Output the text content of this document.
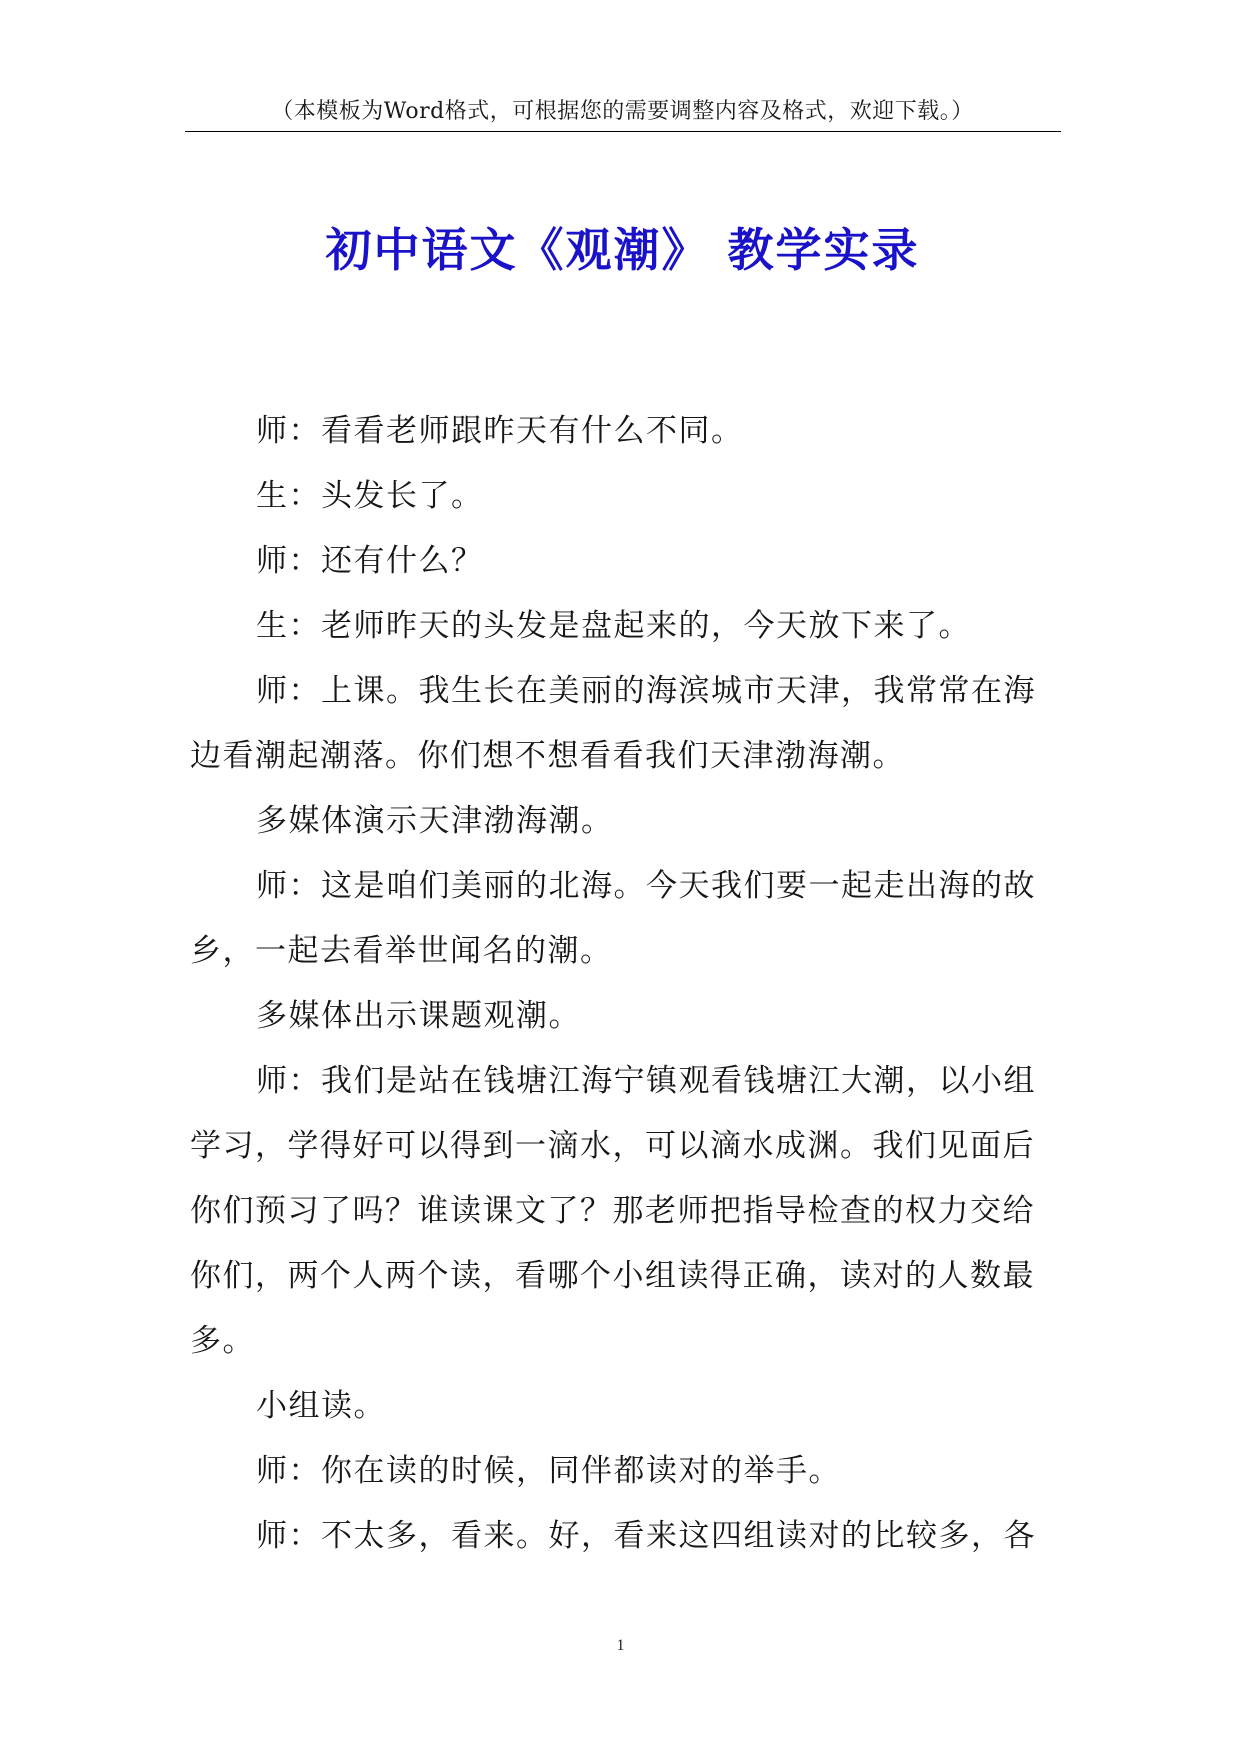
（本模板为Word格式，可根据您的需要调整内容及格式，欢迎下载。）
初中语文《观潮》 教学实录

师：看看老师跟昨天有什么不同。

生：头发长了。

师：还有什么？

生：老师昨天的头发是盘起来的，今天放下来了。

师：上课。我生长在美丽的海滨城市天津，我常常在海边看潮起潮落。你们想不想看看我们天津渤海潮。

多媒体演示天津渤海潮。

师：这是咱们美丽的北海。今天我们要一起走出海的故乡，一起去看举世闻名的潮。

多媒体出示课题观潮。

师：我们是站在钱塘江海宁镇观看钱塘江大潮，以小组学习，学得好可以得到一滴水，可以滴水成渊。我们见面后你们预习了吗？谁读课文了？那老师把指导检查的权力交给你们，两个人两个读，看哪个小组读得正确，读对的人数最多。

小组读。

师：你在读的时候，同伴都读对的举手。

师：不太多，看来。好，看来这四组读对的比较多，各

1
